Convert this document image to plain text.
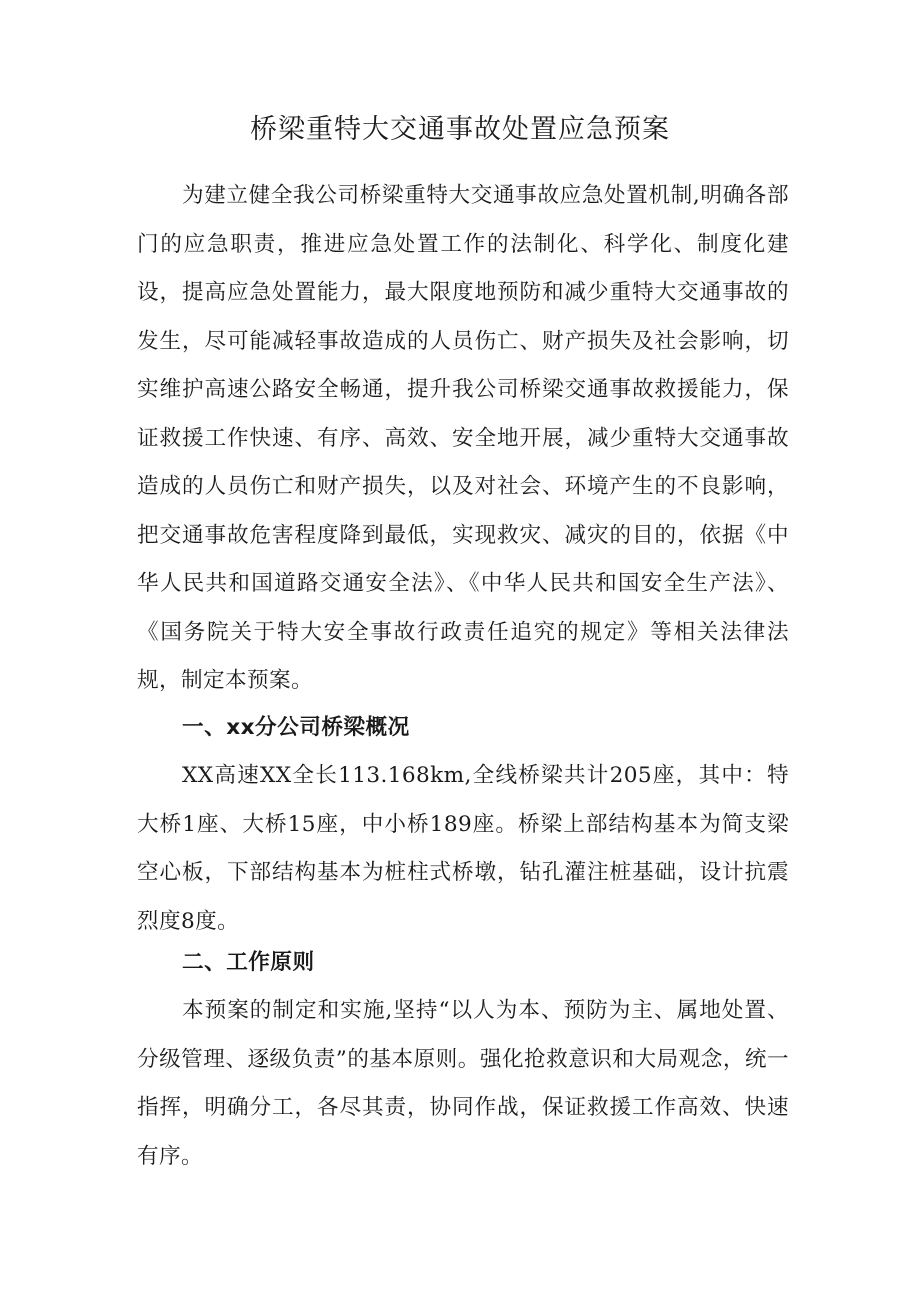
桥梁重特大交通事故处置应急预案

为建立健全我公司桥梁重特大交通事故应急处置机制,明确各部门的应急职责，推进应急处置工作的法制化、科学化、制度化建设，提高应急处置能力，最大限度地预防和减少重特大交通事故的发生，尽可能减轻事故造成的人员伤亡、财产损失及社会影响，切实维护高速公路安全畅通，提升我公司桥梁交通事故救援能力，保证救援工作快速、有序、高效、安全地开展，减少重特大交通事故造成的人员伤亡和财产损失，以及对社会、环境产生的不良影响，把交通事故危害程度降到最低，实现救灾、减灾的目的，依据《中华人民共和国道路交通安全法》、《中华人民共和国安全生产法》、《国务院关于特大安全事故行政责任追究的规定》等相关法律法规，制定本预案。

一、xx分公司桥梁概况

XX高速XX全长113.168km,全线桥梁共计205座，其中：特大桥1座、大桥15座，中小桥189座。桥梁上部结构基本为简支梁空心板，下部结构基本为桩柱式桥墩，钻孔灌注桩基础，设计抗震烈度8度。

二、工作原则

本预案的制定和实施,坚持“以人为本、预防为主、属地处置、分级管理、逐级负责”的基本原则。强化抢救意识和大局观念，统一指挥，明确分工，各尽其责，协同作战，保证救援工作高效、快速有序。
